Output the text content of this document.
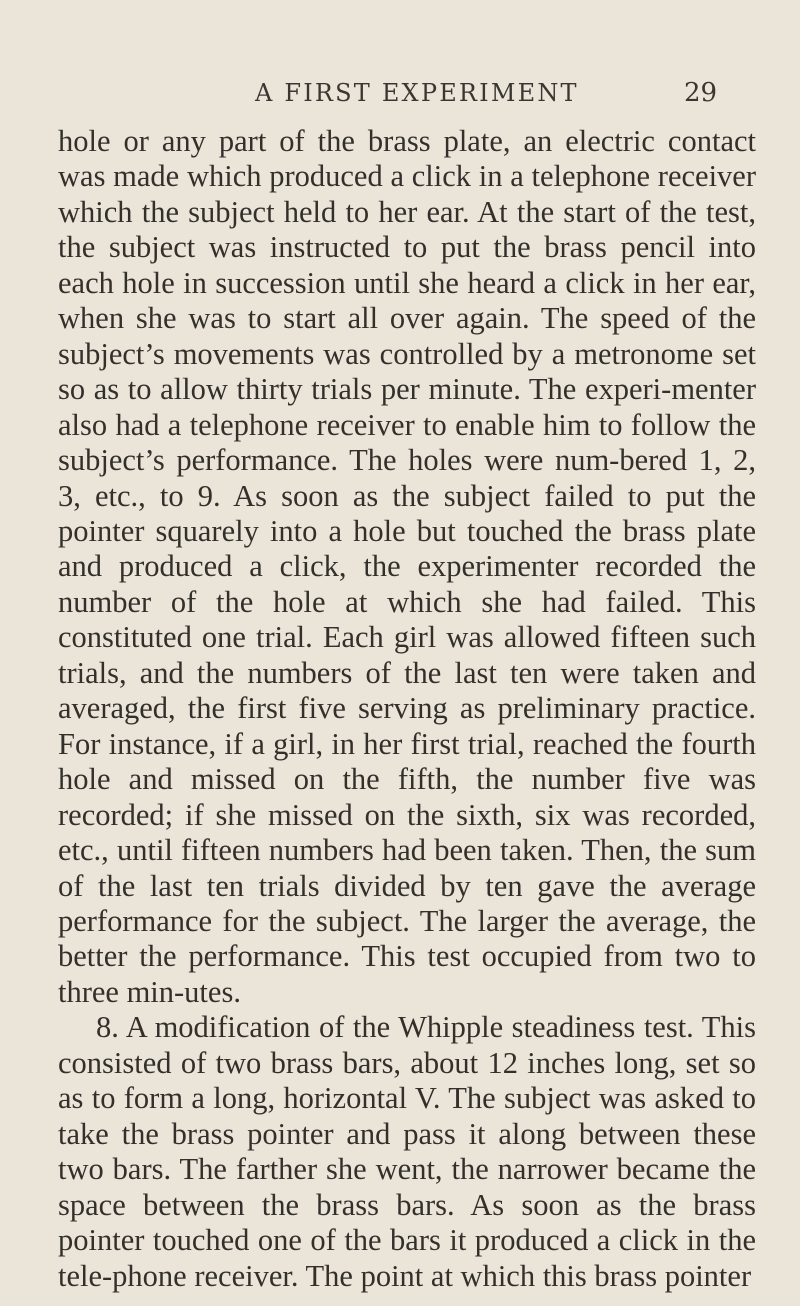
A FIRST EXPERIMENT	29

hole or any part of the brass plate, an electric contact was made which produced a click in a telephone receiver which the subject held to her ear. At the start of the test, the subject was instructed to put the brass pencil into each hole in succession until she heard a click in her ear, when she was to start all over again. The speed of the subject’s movements was controlled by a metronome set so as to allow thirty trials per minute. The experi-menter also had a telephone receiver to enable him to follow the subject’s performance. The holes were num-bered 1, 2, 3, etc., to 9. As soon as the subject failed to put the pointer squarely into a hole but touched the brass plate and produced a click, the experimenter recorded the number of the hole at which she had failed. This constituted one trial. Each girl was allowed fifteen such trials, and the numbers of the last ten were taken and averaged, the first five serving as preliminary practice. For instance, if a girl, in her first trial, reached the fourth hole and missed on the fifth, the number five was recorded; if she missed on the sixth, six was recorded, etc., until fifteen numbers had been taken. Then, the sum of the last ten trials divided by ten gave the average performance for the subject. The larger the average, the better the performance. This test occupied from two to three min-utes.

8. A modification of the Whipple steadiness test. This consisted of two brass bars, about 12 inches long, set so as to form a long, horizontal V. The subject was asked to take the brass pointer and pass it along between these two bars. The farther she went, the narrower became the space between the brass bars. As soon as the brass pointer touched one of the bars it produced a click in the tele-phone receiver. The point at which this brass pointer
